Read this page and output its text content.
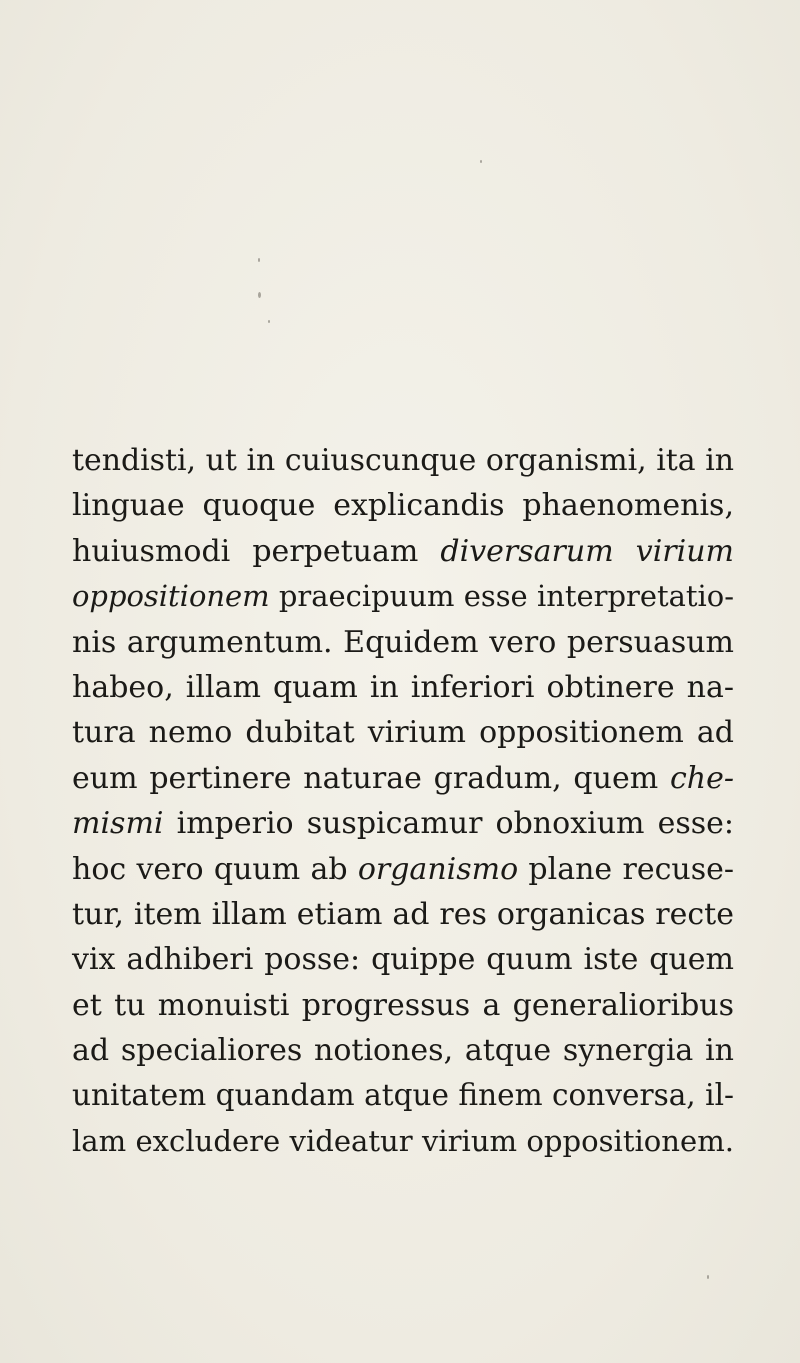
tendisti, ut in cuiuscunque organismi, ita in
linguae quoque explicandis phaenomenis,
huiusmodi perpetuam diversarum virium
oppositionem praecipuum esse interpretatio-
nis argumentum. Equidem vero persuasum
habeo, illam quam in inferiori obtinere na-
tura nemo dubitat virium oppositionem ad
eum pertinere naturae gradum, quem che-
mismi imperio suspicamur obnoxium esse:
hoc vero quum ab organismo plane recuse-
tur, item illam etiam ad res organicas recte
vix adhiberi posse: quippe quum iste quem
et tu monuisti progressus a generalioribus
ad specialiores notiones, atque synergia in
unitatem quandam atque finem conversa, il-
lam excludere videatur virium oppositionem.
